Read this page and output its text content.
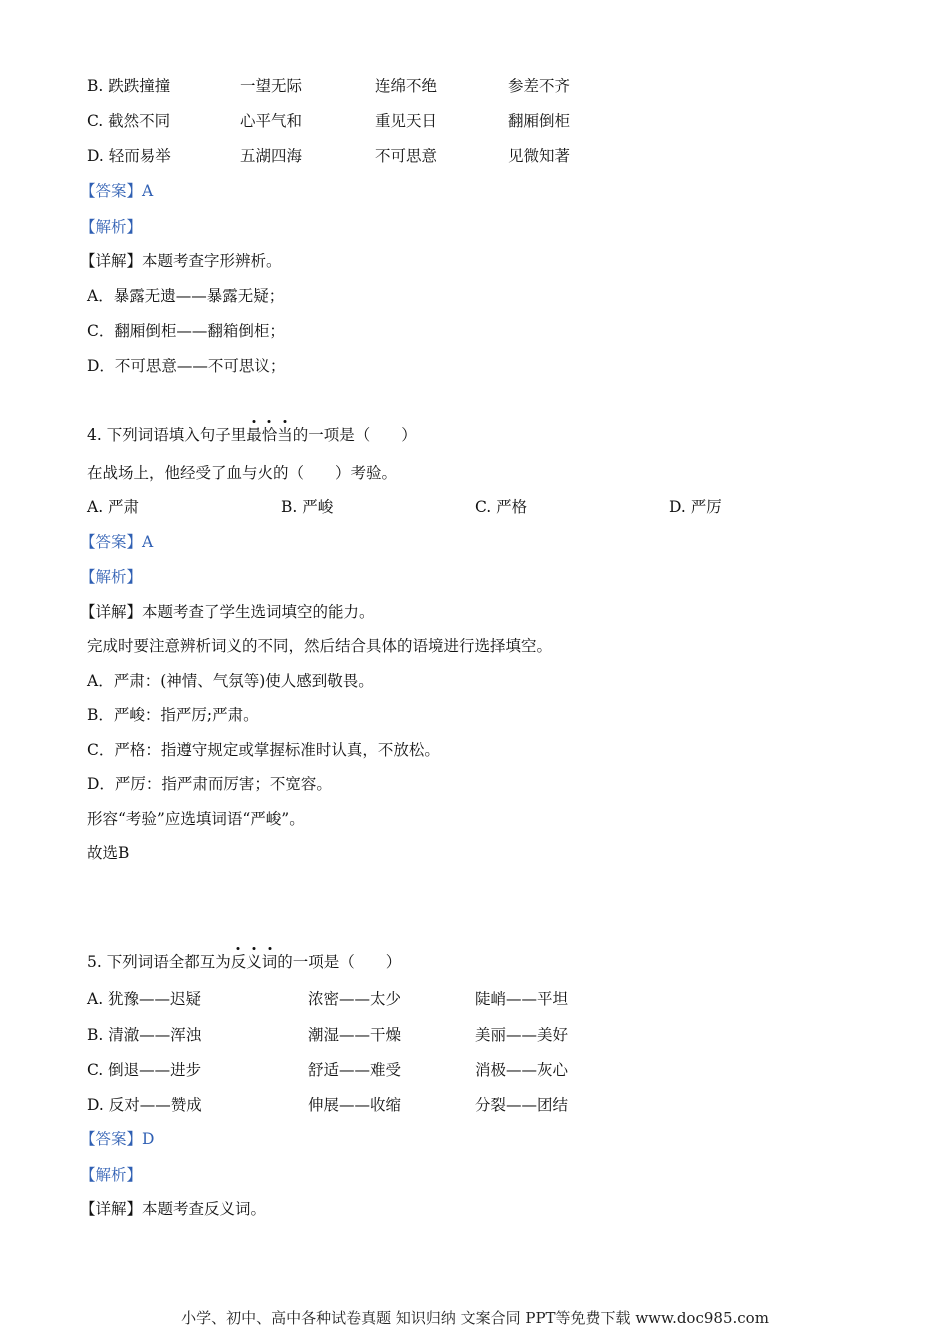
B. 跌跌撞撞	一望无际	连绵不绝	参差不齐
C. 截然不同	心平气和	重见天日	翻厢倒柜
D. 轻而易举	五湖四海	不可思意	见微知著
【答案】A
【解析】
【详解】本题考查字形辨析。
A．暴露无遗——暴露无疑；
C．翻厢倒柜——翻箱倒柜；
D．不可思意——不可思议；
4. 下列词语填入句子里最恰当的一项是（　　）
在战场上，他经受了血与火的（　　）考验。
A. 严肃	B. 严峻	C. 严格	D. 严厉
【答案】A
【解析】
【详解】本题考查了学生选词填空的能力。
完成时要注意辨析词义的不同，然后结合具体的语境进行选择填空。
A．严肃：(神情、气氛等)使人感到敬畏。
B．严峻：指严厉;严肃。
C．严格：指遵守规定或掌握标准时认真，不放松。
D．严厉：指严肃而厉害；不宽容。
形容“考验”应选填词语“严峻”。
故选B
5. 下列词语全都互为反义词的一项是（　　）
A. 犹豫——迟疑	浓密——太少	陡峭——平坦
B. 清澈——浑浊	潮湿——干燥	美丽——美好
C. 倒退——进步	舒适——难受	消极——灰心
D. 反对——赞成	伸展——收缩	分裂——团结
【答案】D
【解析】
【详解】本题考查反义词。
小学、初中、高中各种试卷真题 知识归纳 文案合同 PPT等免费下载 www.doc985.com
